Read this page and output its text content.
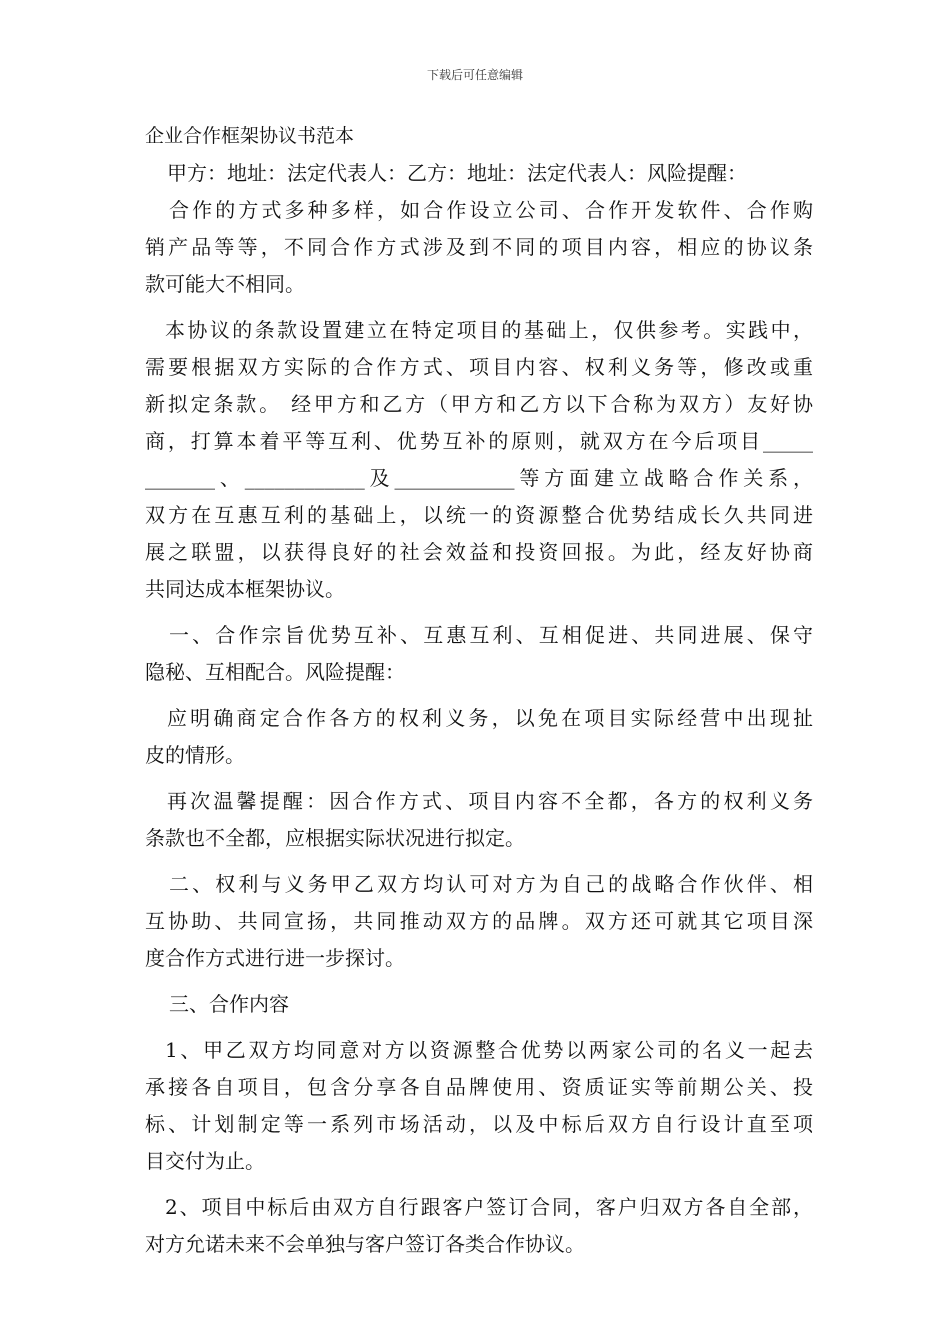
下载后可任意编辑
企业合作框架协议书范本
甲方：地址：法定代表人：乙方：地址：法定代表人：风险提醒：
合作的方式多种多样，如合作设立公司、合作开发软件、合作购
销产品等等，不同合作方式涉及到不同的项目内容，相应的协议条
款可能大不相同。
本协议的条款设置建立在特定项目的基础上，仅供参考。实践中，
需要根据双方实际的合作方式、项目内容、权利义务等，修改或重
新拟定条款。 经甲方和乙方（甲方和乙方以下合称为双方）友好协
商，打算本着平等互利、优势互补的原则，就双方在今后项目_____
_______、____________及____________等方面建立战略合作关系，
双方在互惠互利的基础上，以统一的资源整合优势结成长久共同进
展之联盟，以获得良好的社会效益和投资回报。为此，经友好协商
共同达成本框架协议。
一、合作宗旨优势互补、互惠互利、互相促进、共同进展、保守
隐秘、互相配合。风险提醒：
应明确商定合作各方的权利义务，以免在项目实际经营中出现扯
皮的情形。
再次温馨提醒：因合作方式、项目内容不全都，各方的权利义务
条款也不全都，应根据实际状况进行拟定。
二、权利与义务甲乙双方均认可对方为自己的战略合作伙伴、相
互协助、共同宣扬，共同推动双方的品牌。双方还可就其它项目深
度合作方式进行进一步探讨。
三、合作内容
1、甲乙双方均同意对方以资源整合优势以两家公司的名义一起去
承接各自项目，包含分享各自品牌使用、资质证实等前期公关、投
标、计划制定等一系列市场活动，以及中标后双方自行设计直至项
目交付为止。
2、项目中标后由双方自行跟客户签订合同，客户归双方各自全部，
对方允诺未来不会单独与客户签订各类合作协议。
